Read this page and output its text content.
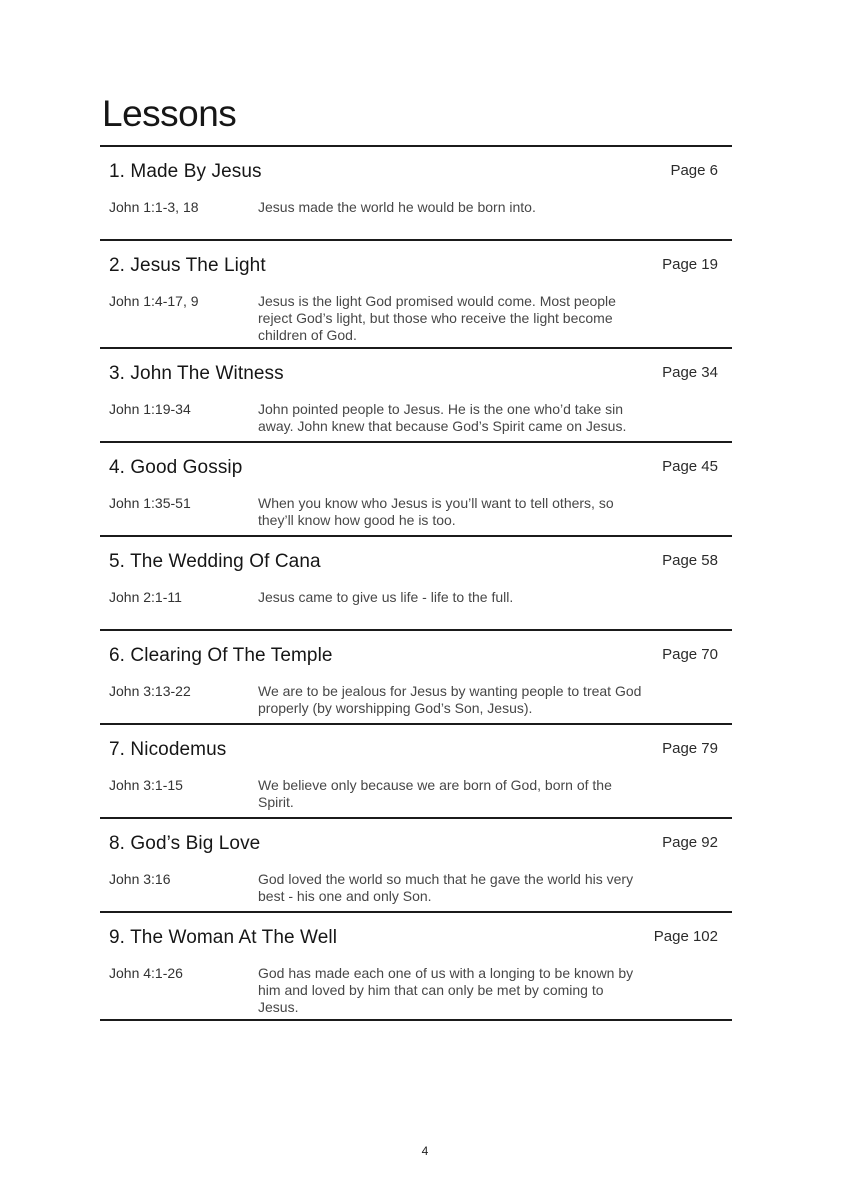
Lessons
1. Made By Jesus	Page 6
John 1:1-3, 18	Jesus made the world he would be born into.
2. Jesus The Light	Page 19
John 1:4-17, 9	Jesus is the light God promised would come. Most people reject God’s light, but those who receive the light become children of God.
3. John The Witness	Page 34
John 1:19-34	John pointed people to Jesus. He is the one who’d take sin away. John knew that because God’s Spirit came on Jesus.
4. Good Gossip	Page 45
John 1:35-51	When you know who Jesus is you’ll want to tell others, so they’ll know how good he is too.
5. The Wedding Of Cana	Page 58
John 2:1-11	Jesus came to give us life - life to the full.
6. Clearing Of The Temple	Page 70
John 3:13-22	We are to be jealous for Jesus by wanting people to treat God properly (by worshipping God’s Son, Jesus).
7. Nicodemus	Page 79
John 3:1-15	We believe only because we are born of God, born of the Spirit.
8. God’s Big Love	Page 92
John 3:16	God loved the world so much that he gave the world his very best - his one and only Son.
9. The Woman At The Well	Page 102
John 4:1-26	God has made each one of us with a longing to be known by him and loved by him that can only be met by coming to Jesus.
4
